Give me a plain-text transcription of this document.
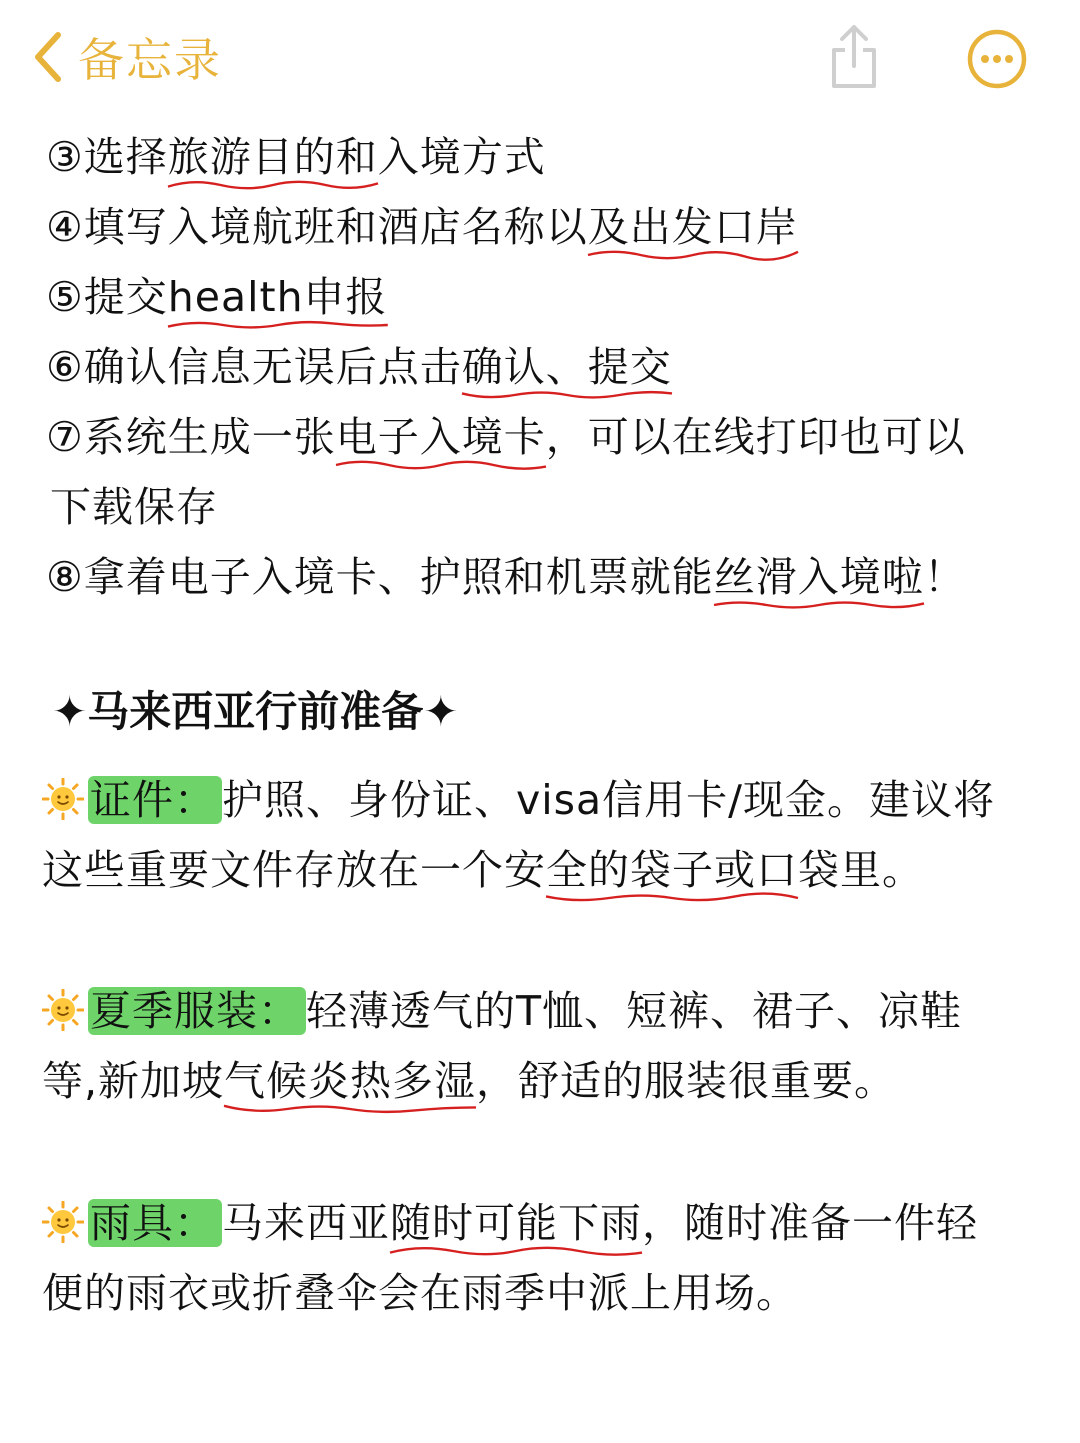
备忘录
③选择旅游目的和
入境方式
④填写入境航班和酒店名称以及出发口岸
⑤提交health申报
⑥确认信息无误后点击确认、提交
⑦系统生成一张电子入境卡
，可以在线打印也可以
下载保存
⑧拿着电子入境卡、护照和机票就能丝滑入境啦
！
✦马来西亚行前准备✦
证件： 护照、身份证、visa信用卡/现金。建议将
这些重要文件存放在一个安全的袋子或口
袋里。
夏季服装： 轻薄透气的T恤、短裤、裙子、凉鞋
等,新加坡气候炎热多湿
，舒适的服装很重要。
雨具： 马来西亚随时可能下雨
，随时准备一件轻
便的雨衣或折叠伞会在雨季中派上用场。
